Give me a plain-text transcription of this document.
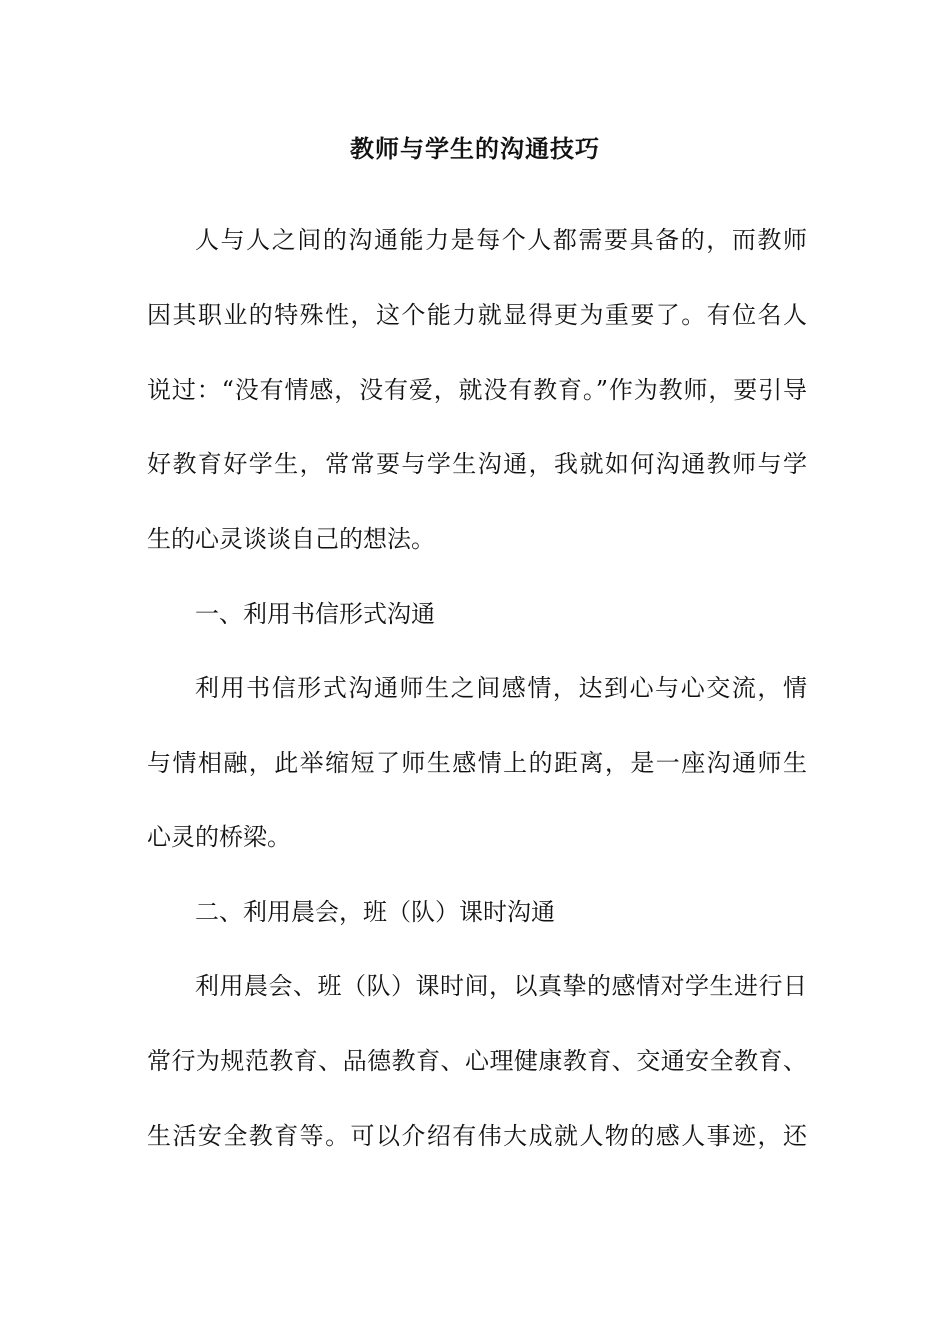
教师与学生的沟通技巧

人与人之间的沟通能力是每个人都需要具备的，而教师

因其职业的特殊性，这个能力就显得更为重要了。有位名人

说过：“没有情感，没有爱，就没有教育。”作为教师，要引导

好教育好学生，常常要与学生沟通，我就如何沟通教师与学

生的心灵谈谈自己的想法。

一、利用书信形式沟通

利用书信形式沟通师生之间感情，达到心与心交流，情

与情相融，此举缩短了师生感情上的距离，是一座沟通师生

心灵的桥梁。

二、利用晨会，班（队）课时沟通

利用晨会、班（队）课时间，以真挚的感情对学生进行日

常行为规范教育、品德教育、心理健康教育、交通安全教育、

生活安全教育等。可以介绍有伟大成就人物的感人事迹，还
